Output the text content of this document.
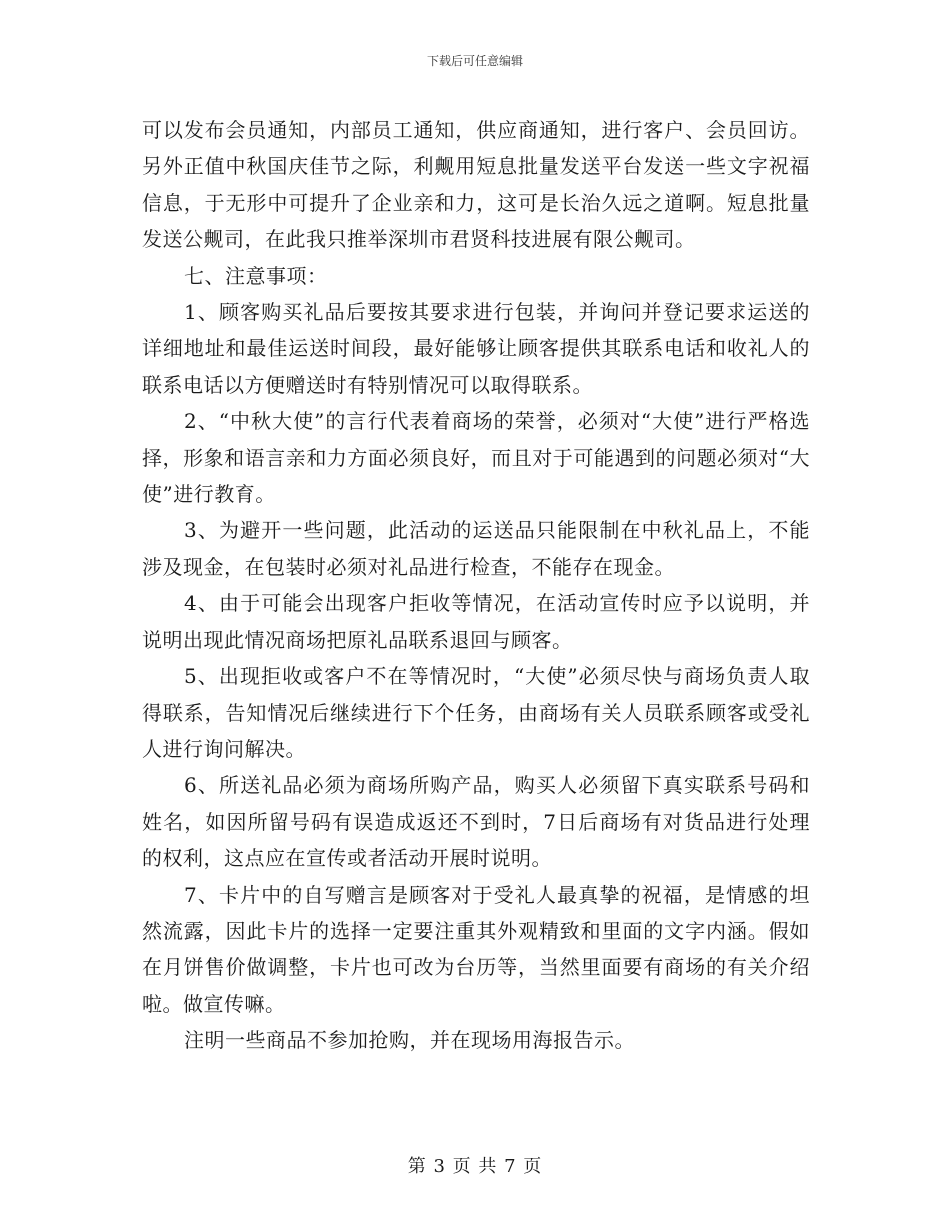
下载后可任意编辑

可以发布会员通知，内部员工通知，供应商通知，进行客户、会员回访。另外正值中秋国庆佳节之际，利觍用短息批量发送平台发送一些文字祝福信息，于无形中可提升了企业亲和力，这可是长治久远之道啊。短息批量发送公觍司，在此我只推举深圳市君贤科技进展有限公觍司。

七、注意事项：

1、顾客购买礼品后要按其要求进行包装，并询问并登记要求运送的详细地址和最佳运送时间段，最好能够让顾客提供其联系电话和收礼人的联系电话以方便赠送时有特别情况可以取得联系。

2、“中秋大使”的言行代表着商场的荣誉，必须对“大使”进行严格选择，形象和语言亲和力方面必须良好，而且对于可能遇到的问题必须对“大使”进行教育。

3、为避开一些问题，此活动的运送品只能限制在中秋礼品上，不能涉及现金，在包装时必须对礼品进行检查，不能存在现金。

4、由于可能会出现客户拒收等情况，在活动宣传时应予以说明，并说明出现此情况商场把原礼品联系退回与顾客。

5、出现拒收或客户不在等情况时，“大使”必须尽快与商场负责人取得联系，告知情况后继续进行下个任务，由商场有关人员联系顾客或受礼人进行询问解决。

6、所送礼品必须为商场所购产品，购买人必须留下真实联系号码和姓名，如因所留号码有误造成返还不到时，7日后商场有对货品进行处理的权利，这点应在宣传或者活动开展时说明。

7、卡片中的自写赠言是顾客对于受礼人最真挚的祝福，是情感的坦然流露，因此卡片的选择一定要注重其外观精致和里面的文字内涵。假如在月饼售价做调整，卡片也可改为台历等，当然里面要有商场的有关介绍啦。做宣传嘛。

注明一些商品不参加抢购，并在现场用海报告示。

第 3 页 共 7 页
